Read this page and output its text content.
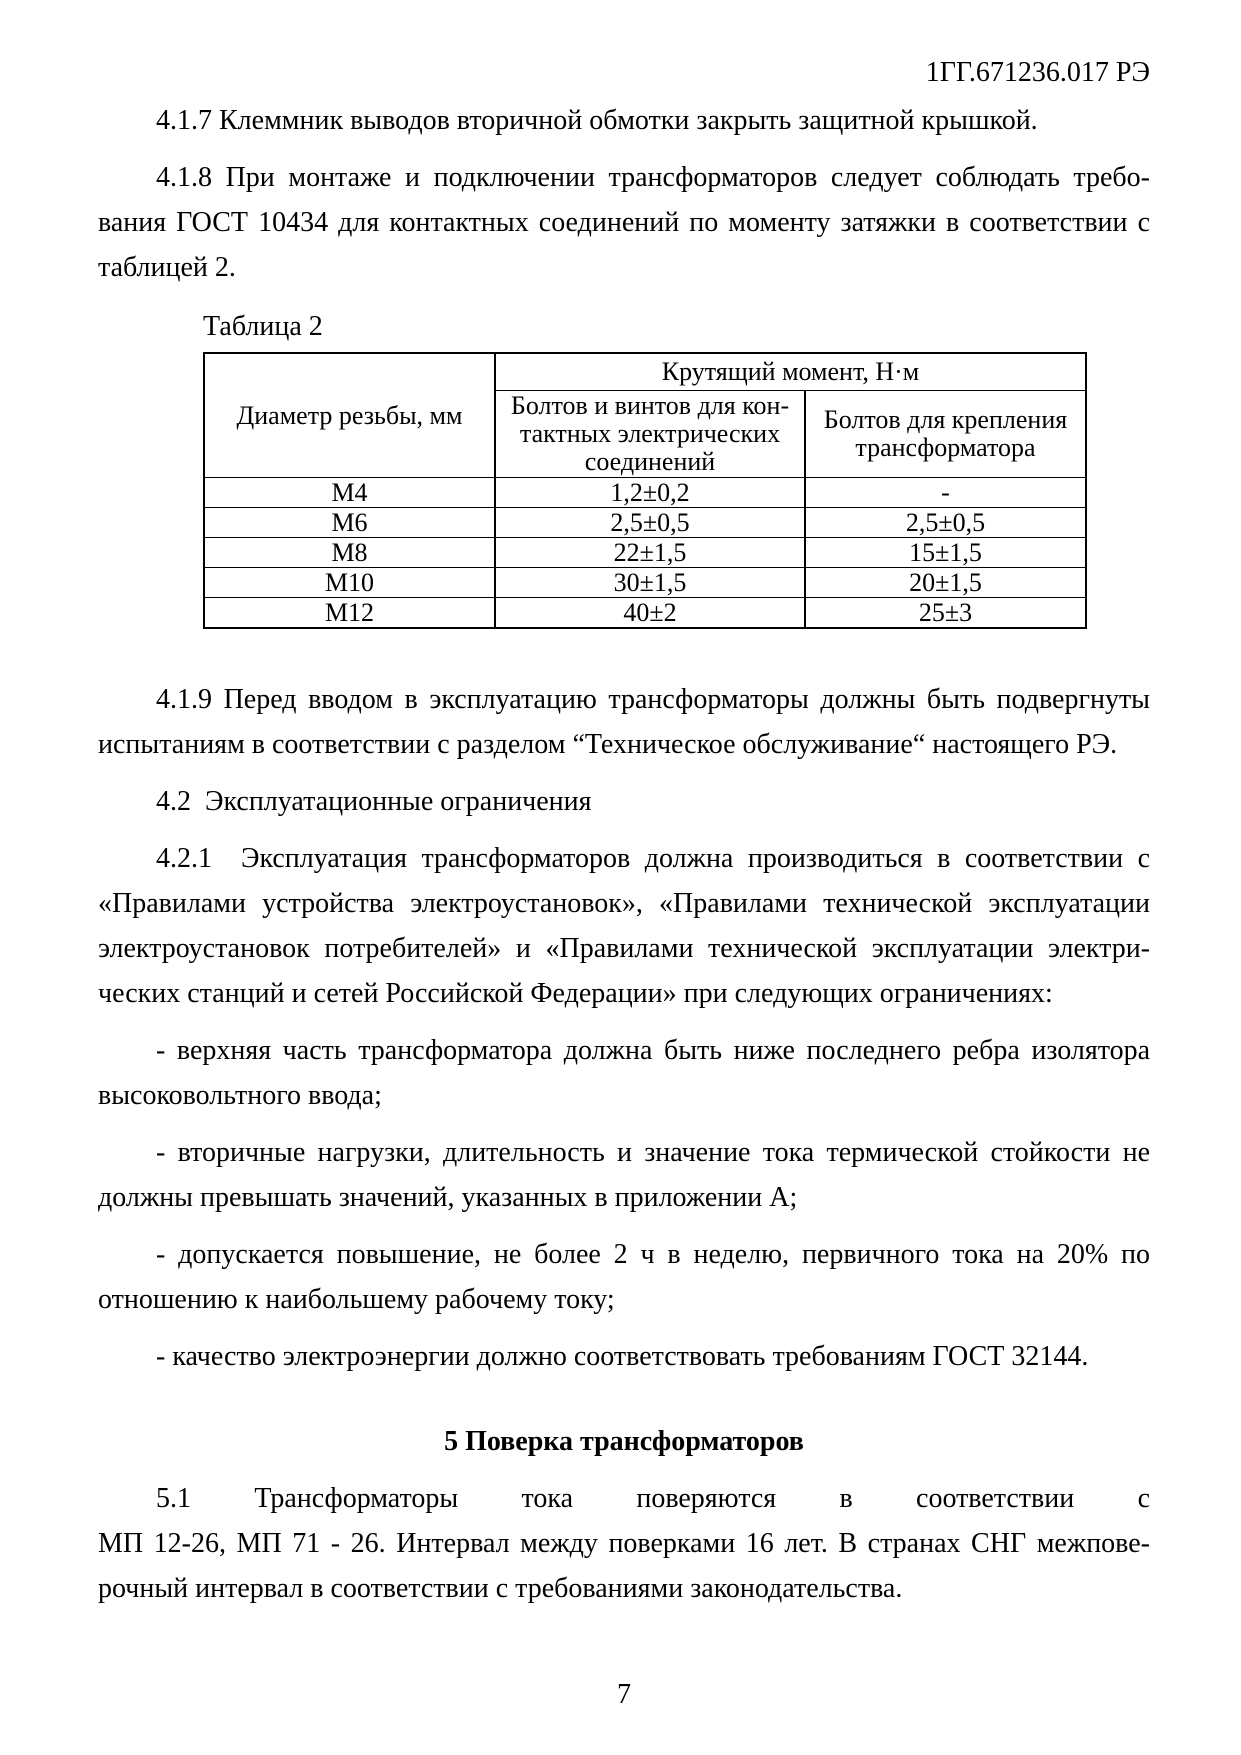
1ГГ.671236.017 РЭ
4.1.7 Клеммник выводов вторичной обмотки закрыть защитной крышкой.
4.1.8 При монтаже и подключении трансформаторов следует соблюдать требо-
вания ГОСТ 10434 для контактных соединений по моменту затяжки в соответствии с
таблицей 2.
Таблица 2
Диаметр резьбы, мм	Крутящий момент, Н·м	

Болтов и винтов для кон-
тактных электрических
соединений

Болтов для крепления
трансформатора

М4	1,2±0,2	-
М6	2,5±0,5	2,5±0,5
М8	22±1,5	15±1,5
М10	30±1,5	20±1,5
М12	40±2	25±3
4.1.9 Перед вводом в эксплуатацию трансформаторы должны быть подвергнуты
испытаниям в соответствии с разделом “Техническое обслуживание“ настоящего РЭ.
4.2  Эксплуатационные ограничения
4.2.1  Эксплуатация трансформаторов должна производиться в соответствии с
«Правилами устройства электроустановок», «Правилами технической эксплуатации
электроустановок потребителей» и «Правилами технической эксплуатации электри-
ческих станций и сетей Российской Федерации» при следующих ограничениях:
- верхняя часть трансформатора должна быть ниже последнего ребра изолятора
высоковольтного ввода;
- вторичные нагрузки, длительность и значение тока термической стойкости не
должны превышать значений, указанных в приложении А;
- допускается повышение, не более 2 ч в неделю, первичного тока на 20% по
отношению к наибольшему рабочему току;
- качество электроэнергии должно соответствовать требованиям ГОСТ 32144.
5 Поверка трансформаторов
5.1 Трансформаторы тока поверяются в соответствии с
МП 12-26, МП 71 - 26. Интервал между поверками 16 лет. В странах СНГ межпове-
рочный интервал в соответствии с требованиями законодательства.
7
